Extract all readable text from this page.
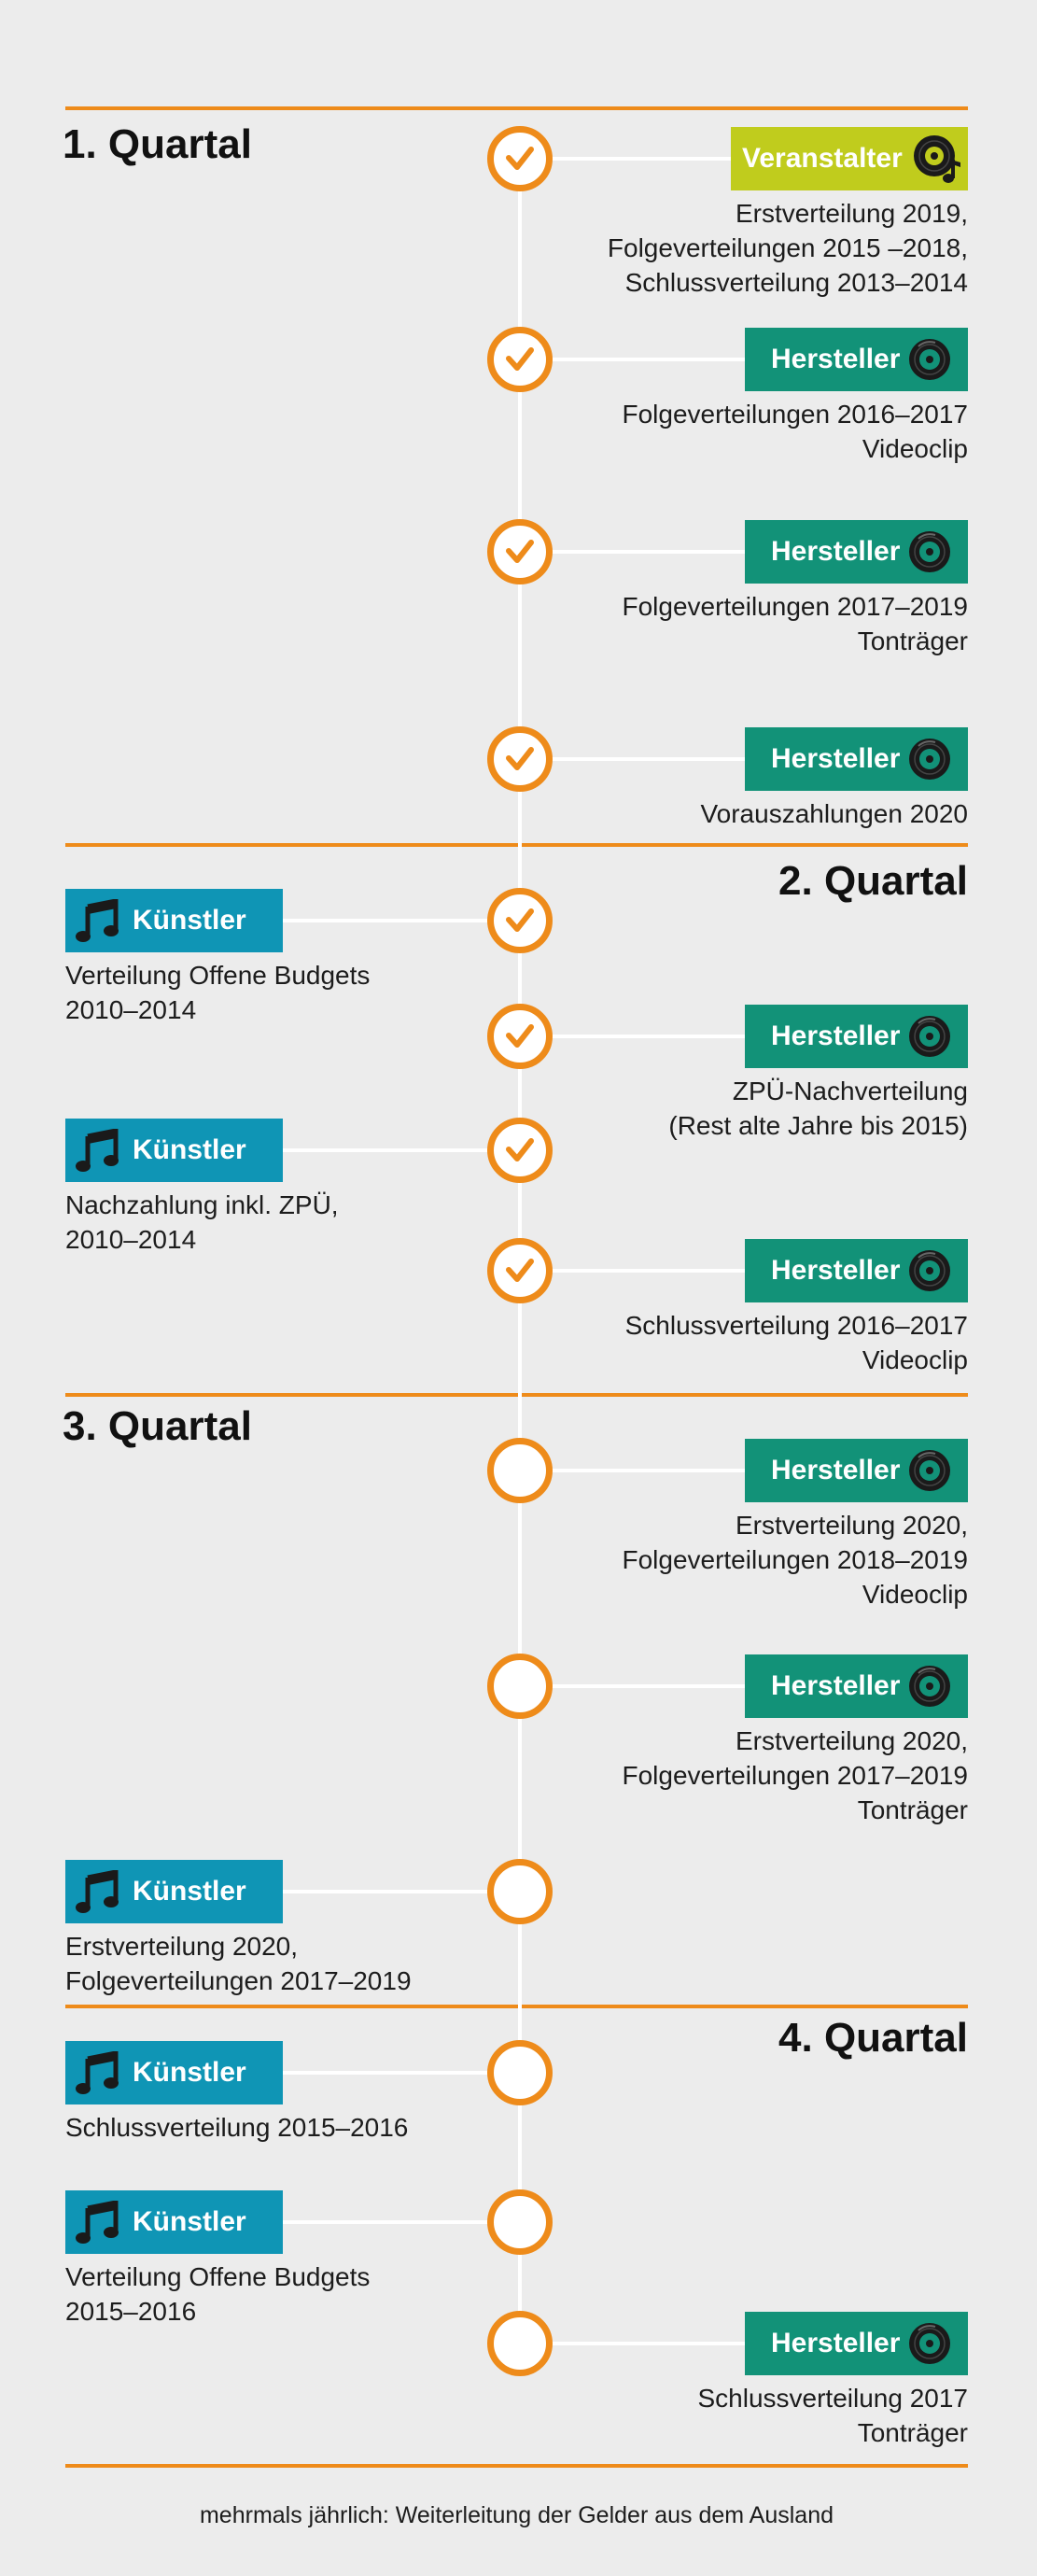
1. Quartal
2. Quartal
3. Quartal
4. Quartal
Veranstalter
Erstverteilung 2019,
Folgeverteilungen 2015 –2018,
Schlussverteilung 2013–2014
Hersteller
Folgeverteilungen 2016–2017
Videoclip
Hersteller
Folgeverteilungen 2017–2019
Tonträger
Hersteller
Vorauszahlungen 2020
Künstler
Verteilung Offene Budgets
2010–2014
Hersteller
ZPÜ-Nachverteilung
(Rest alte Jahre bis 2015)
Künstler
Nachzahlung inkl. ZPÜ,
2010–2014
Hersteller
Schlussverteilung 2016–2017
Videoclip
Hersteller
Erstverteilung 2020,
Folgeverteilungen 2018–2019
Videoclip
Hersteller
Erstverteilung 2020,
Folgeverteilungen 2017–2019
Tonträger
Künstler
Erstverteilung 2020,
Folgeverteilungen 2017–2019
Künstler
Schlussverteilung 2015–2016
Künstler
Verteilung Offene Budgets
2015–2016
Hersteller
Schlussverteilung 2017
Tonträger
mehrmals jährlich: Weiterleitung der Gelder aus dem Ausland
